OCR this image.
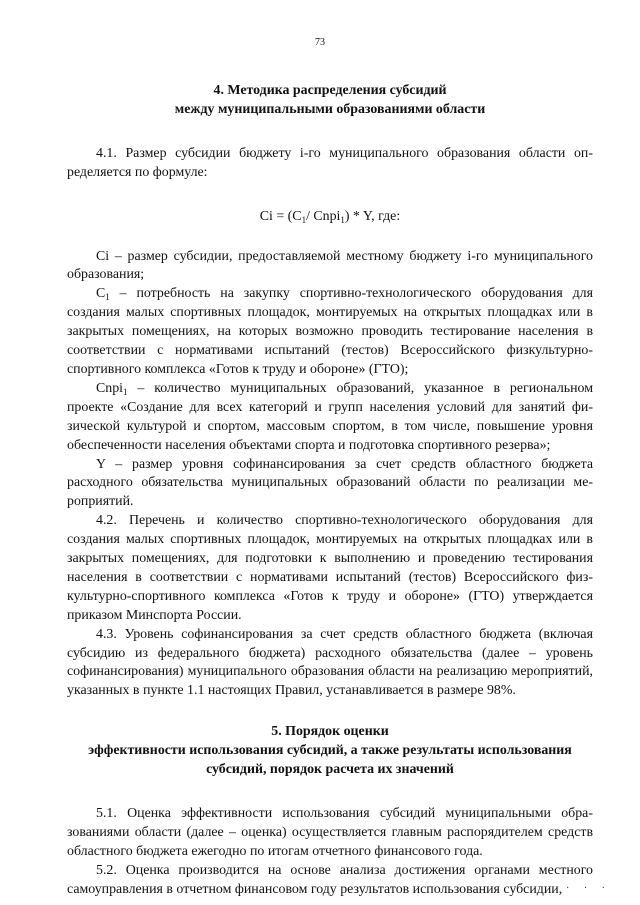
73
4. Методика распределения субсидий
между муниципальными образованиями области

4.1. Размер субсидии бюджету i-го муниципального образования области определяется по формуле:

$Ci = (C_1/$ Cnpi$_1$) * Y, где:

Ci – размер субсидии, предоставляемой местному бюджету i-го муниципального образования;

$C_1$ – потребность на закупку спортивно-технологического оборудования для создания малых спортивных площадок, монтируемых на открытых площадках или в закрытых помещениях, на которых возможно проводить тестирование населения в соответствии с нормативами испытаний (тестов) Всероссийского физкультурно-спортивного комплекса «Готов к труду и обороне» (ГТО);

Cnpi$_1$ – количество муниципальных образований, указанное в региональном проекте «Создание для всех категорий и групп населения условий для занятий физической культурой и спортом, массовым спортом, в том числе, повышение уровня обеспеченности населения объектами спорта и подготовка спортивного резерва»;

Y – размер уровня софинансирования за счет средств областного бюджета расходного обязательства муниципальных образований области по реализации мероприятий.

4.2. Перечень и количество спортивно-технологического оборудования для создания малых спортивных площадок, монтируемых на открытых площадках или в закрытых помещениях, для подготовки к выполнению и проведению тестирования населения в соответствии с нормативами испытаний (тестов) Всероссийского физкультурно-спортивного комплекса «Готов к труду и обороне» (ГТО) утверждается приказом Минспорта России.

4.3. Уровень софинансирования за счет средств областного бюджета (включая субсидию из федерального бюджета) расходного обязательства (далее – уровень софинансирования) муниципального образования области на реализацию мероприятий, указанных в пункте 1.1 настоящих Правил, устанавливается в размере 98%.

5. Порядок оценки
эффективности использования субсидий, а также результаты использования
субсидий, порядок расчета их значений

5.1. Оценка эффективности использования субсидий муниципальными образованиями области (далее – оценка) осуществляется главным распорядителем средств областного бюджета ежегодно по итогам отчетного финансового года.

5.2. Оценка производится на основе анализа достижения органами местного самоуправления в отчетном финансовом году результатов использования субсидии, · · ·
